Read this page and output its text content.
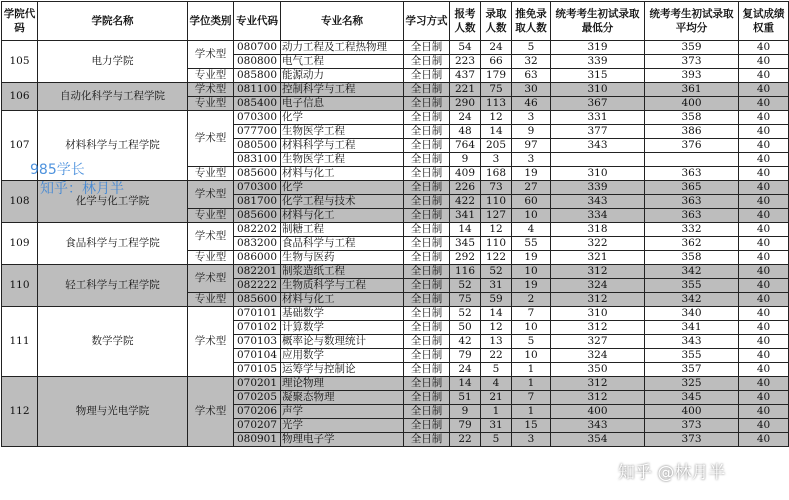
学院代码	学院名称	学位类别	专业代码	专业名称	学习方式	报考人数	录取人数	推免录取人数	统考考生初试录取最低分	统考考生初试录取平均分	复试成绩权重
105	电力学院	学术型	080700	动力工程及工程热物理	全日制	54	24	5	319	359	40
			080800	电气工程	全日制	223	66	32	339	373	40
		专业型	085800	能源动力	全日制	437	179	63	315	393	40
106	自动化科学与工程学院	学术型	081100	控制科学与工程	全日制	221	75	30	310	361	40
		专业型	085400	电子信息	全日制	290	113	46	367	400	40
107	材料科学与工程学院	学术型	070300	化学	全日制	24	12	3	331	358	40
			077700	生物医学工程	全日制	48	14	9	377	386	40
			080500	材料科学与工程	全日制	764	205	97	343	376	40
			083100	生物医学工程	全日制	9	3	3			40
		专业型	085600	材料与化工	全日制	409	168	19	310	363	40
108	化学与化工学院	学术型	070300	化学	全日制	226	73	27	339	365	40
			081700	化学工程与技术	全日制	422	110	60	343	363	40
		专业型	085600	材料与化工	全日制	341	127	10	334	363	40
109	食品科学与工程学院	学术型	082202	制糖工程	全日制	14	12	4	318	332	40
			083200	食品科学与工程	全日制	345	110	55	322	362	40
		专业型	086000	生物与医药	全日制	292	122	19	321	358	40
110	轻工科学与工程学院	学术型	082201	制浆造纸工程	全日制	116	52	10	312	342	40
			082222	生物质科学与工程	全日制	52	31	19	324	355	40
		专业型	085600	材料与化工	全日制	75	59	2	312	342	40
111	数学学院	学术型	070101	基础数学	全日制	52	14	7	310	340	40
			070102	计算数学	全日制	50	12	10	312	341	40
			070103	概率论与数理统计	全日制	42	13	5	327	343	40
			070104	应用数学	全日制	79	22	10	324	355	40
			070105	运筹学与控制论	全日制	24	5	1	350	357	40
112	物理与光电学院	学术型	070201	理论物理	全日制	14	4	1	312	325	40
			070205	凝聚态物理	全日制	51	21	7	312	345	40
			070206	声学	全日制	9	1	1	400	400	40
			070207	光学	全日制	79	31	15	343	373	40
			080901	物理电子学	全日制	22	5	3	354	373	40
985学长
知乎：林月半
知乎 @林月半
